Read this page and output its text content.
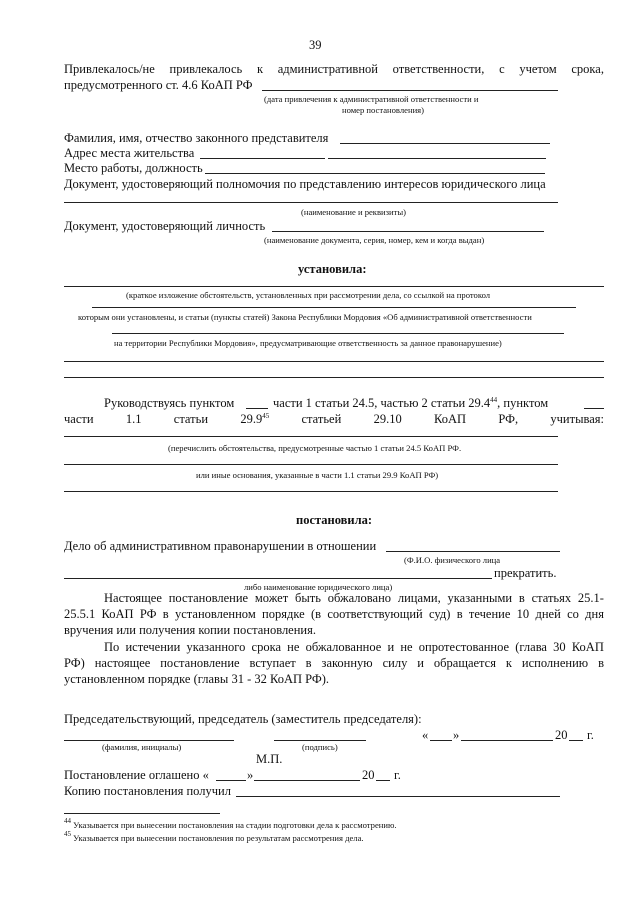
39
Привлекалось/не привлекалось к административной ответственности, с учетом срока,
предусмотренного ст. 4.6 КоАП РФ
(дата привлечения к административной ответственности и
номер постановления)
Фамилия, имя, отчество законного представителя
Адрес места жительства
Место работы, должность
Документ, удостоверяющий полномочия по представлению интересов юридического лица
(наименование и реквизиты)
Документ, удостоверяющий личность
(наименование документа, серия, номер, кем и когда выдан)
установила:
(краткое изложение обстоятельств, установленных при рассмотрении дела, со ссылкой на протокол
которым они установлены, и статьи (пункты статей) Закона Республики Мордовия «Об административной ответственности
на территории Республики Мордовия», предусматривающие ответственность за данное правонарушение)
Руководствуясь пунктом	части 1 статьи 24.5, частью 2 статьи 29.4$^{44}$, пунктом
части	1.1	статьи	29.9$^{45}$	статьей	29.10	КоАП	РФ,	учитывая:
(перечислить обстоятельства, предусмотренные частью 1 статьи 24.5 КоАП РФ.
или иные основания, указанные в части 1.1 статьи 29.9 КоАП РФ)
постановила:
Дело об административном правонарушении в отношении
(Ф.И.О. физического лица
прекратить.
либо наименование юридического лица)
Настоящее постановление может быть обжаловано лицами, указанными в статьях 25.1-
25.5.1 КоАП РФ в установленном порядке (в соответствующий суд) в течение 10 дней со дня
вручения или получения копии постановления.
По истечении указанного срока не обжалованное и не опротестованное (глава 30 КоАП
РФ) настоящее постановление вступает в законную силу и обращается к исполнению в
установленном порядке (главы 31 - 32 КоАП РФ).
Председательствующий, председатель (заместитель председателя):
« »	20 г.
(фамилия, инициалы)	(подпись)
М.П.
Постановление оглашено «	»	20 г.
Копию постановления получил
$^{44}$ Указывается при вынесении постановления на стадии подготовки дела к рассмотрению.
$^{45}$ Указывается при вынесении постановления по результатам рассмотрения дела.
